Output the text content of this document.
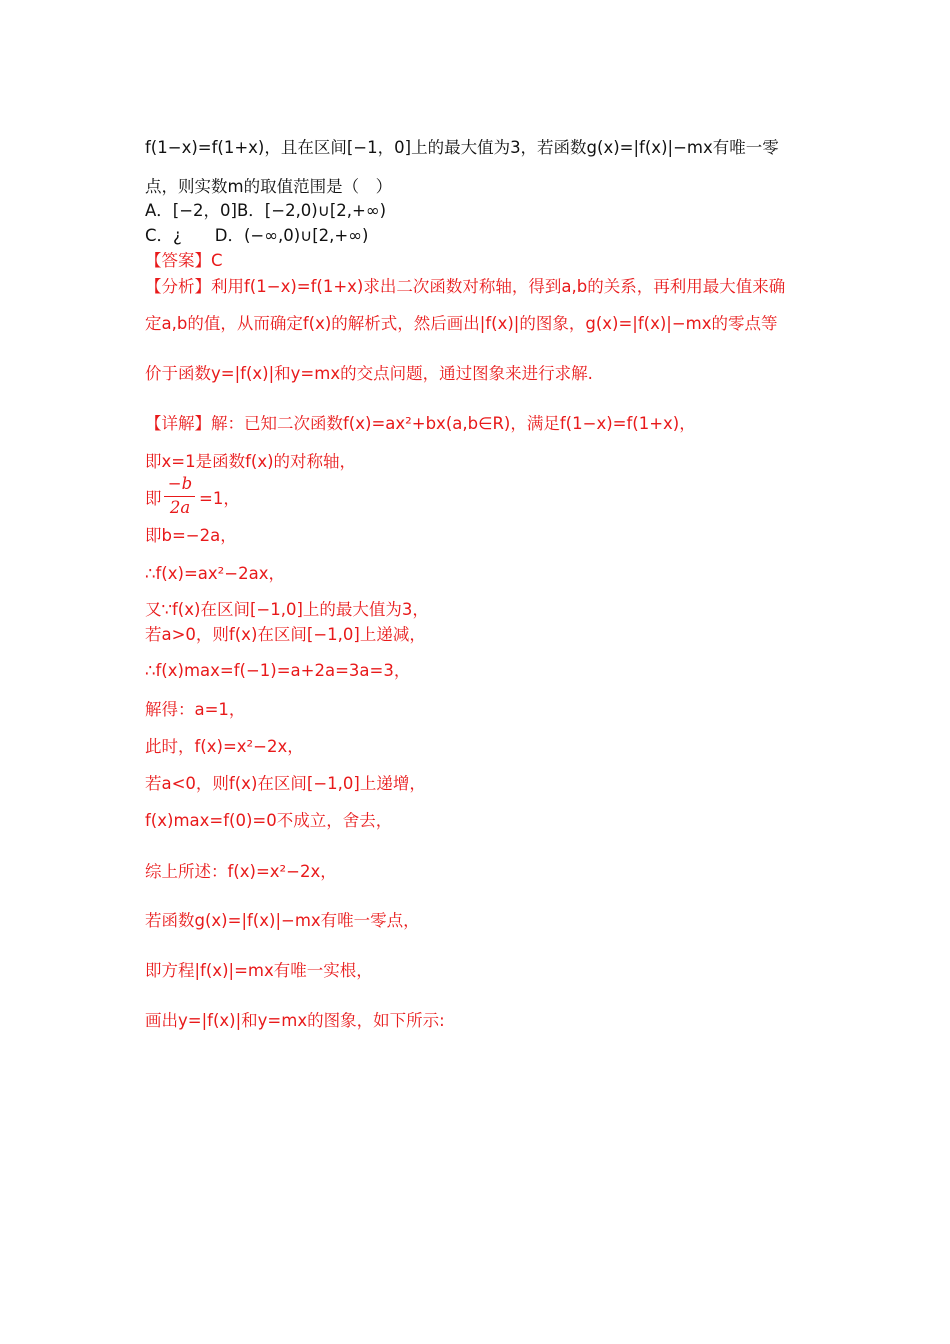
f(1−x)=f(1+x)，且在区间[−1，0]上的最大值为3，若函数g(x)=|f(x)|−mx有唯一零
点，则实数m的取值范围是（　）
A．[−2，0]B．[−2,0)∪[2,+∞)
C．¿　　D．(−∞,0)∪[2,+∞)
【答案】C
【分析】利用f(1−x)=f(1+x)求出二次函数对称轴，得到a,b的关系，再利用最大值来确
定a,b的值，从而确定f(x)的解析式，然后画出|f(x)|的图象，g(x)=|f(x)|−mx的零点等
价于函数y=|f(x)|和y=mx的交点问题，通过图象来进行求解.
【详解】解：已知二次函数f(x)=ax²+bx(a,b∈R)，满足f(1−x)=f(1+x)，
即x=1是函数f(x)的对称轴，
即
−b
2a =1，
即b=−2a，
∴f(x)=ax²−2ax，
又∵f(x)在区间[−1,0]上的最大值为3，
若a>0，则f(x)在区间[−1,0]上递减，
∴f(x)max=f(−1)=a+2a=3a=3，
解得：a=1，
此时，f(x)=x²−2x，
若a<0，则f(x)在区间[−1,0]上递增，
f(x)max=f(0)=0不成立，舍去，
综上所述：f(x)=x²−2x，
若函数g(x)=|f(x)|−mx有唯一零点，
即方程|f(x)|=mx有唯一实根，
画出y=|f(x)|和y=mx的图象，如下所示:
